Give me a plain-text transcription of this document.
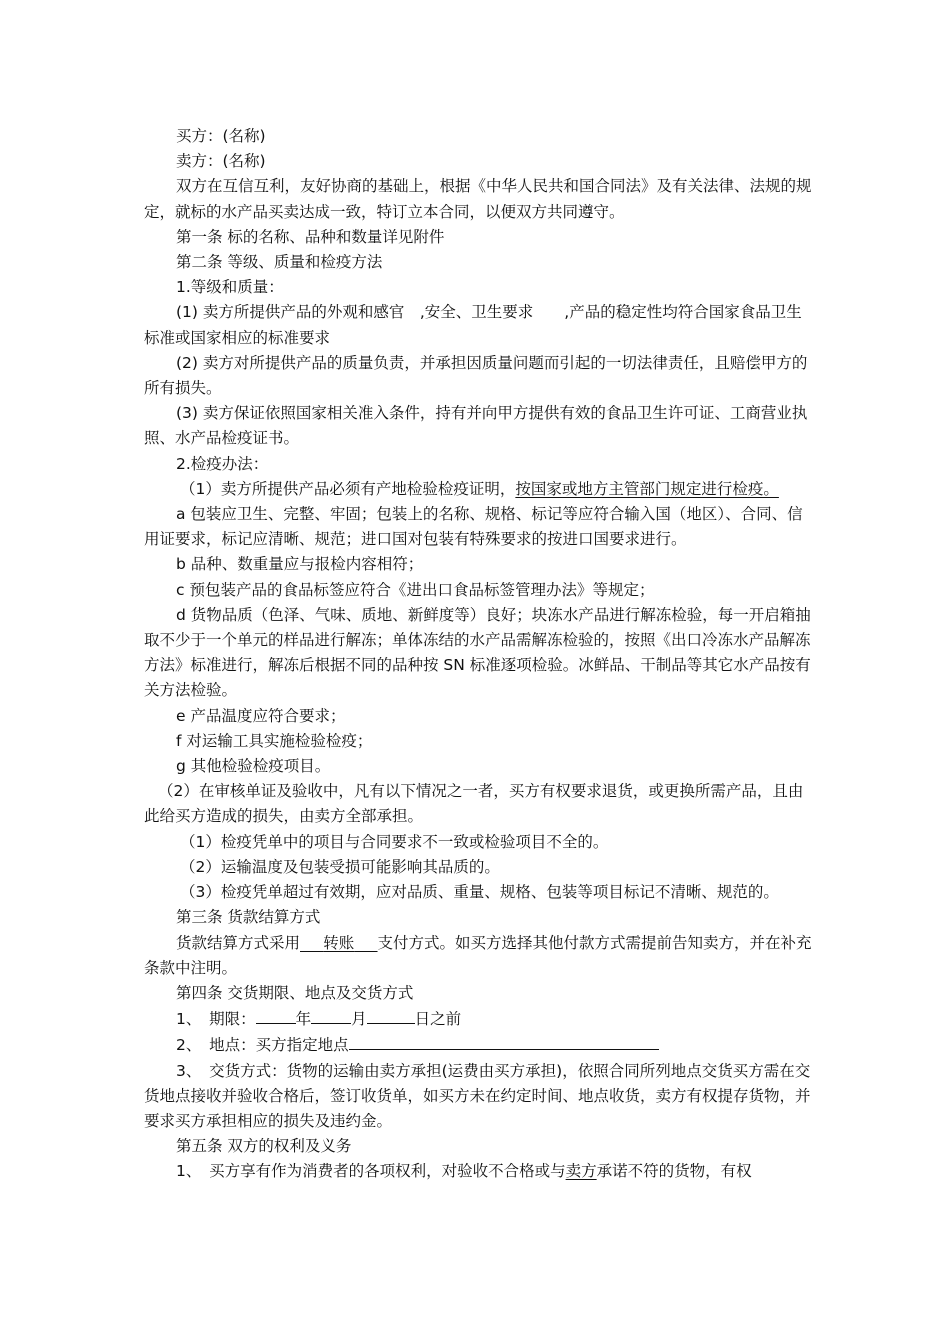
买方：(名称)

卖方：(名称)

双方在互信互利，友好协商的基础上，根据《中华人民共和国合同法》及有关法律、法规的规定，就标的水产品买卖达成一致，特订立本合同，以便双方共同遵守。

第一条 标的名称、品种和数量详见附件

第二条 等级、质量和检疫方法

1.等级和质量：

(1) 卖方所提供产品的外观和感官　,安全、卫生要求　　,产品的稳定性均符合国家食品卫生标准或国家相应的标准要求

(2) 卖方对所提供产品的质量负责，并承担因质量问题而引起的一切法律责任，且赔偿甲方的所有损失。

(3) 卖方保证依照国家相关准入条件，持有并向甲方提供有效的食品卫生许可证、工商营业执照、水产品检疫证书。

2.检疫办法：

（1）卖方所提供产品必须有产地检验检疫证明，按国家或地方主管部门规定进行检疫。

a 包装应卫生、完整、牢固；包装上的名称、规格、标记等应符合输入国（地区）、合同、信用证要求，标记应清晰、规范；进口国对包装有特殊要求的按进口国要求进行。

b 品种、数重量应与报检内容相符；

c 预包装产品的食品标签应符合《进出口食品标签管理办法》等规定；

d 货物品质（色泽、气味、质地、新鲜度等）良好；块冻水产品进行解冻检验，每一开启箱抽取不少于一个单元的样品进行解冻；单体冻结的水产品需解冻检验的，按照《出口冷冻水产品解冻方法》标准进行，解冻后根据不同的品种按 SN 标准逐项检验。冰鲜品、干制品等其它水产品按有关方法检验。

e 产品温度应符合要求；

f 对运输工具实施检验检疫；

g 其他检验检疫项目。

（2）在审核单证及验收中，凡有以下情况之一者，买方有权要求退货，或更换所需产品，且由此给买方造成的损失，由卖方全部承担。

（1）检疫凭单中的项目与合同要求不一致或检验项目不全的。

（2）运输温度及包装受损可能影响其品质的。

（3）检疫凭单超过有效期，应对品质、重量、规格、包装等项目标记不清晰、规范的。

第三条 货款结算方式

货款结算方式采用    转账    支付方式。如买方选择其他付款方式需提前告知卖方，并在补充条款中注明。

第四条 交货期限、地点及交货方式

1、　期限：	年	月	日之前

2、　地点：买方指定地点

3、　交货方式：货物的运输由卖方承担(运费由买方承担)，依照合同所列地点交货买方需在交货地点接收并验收合格后，签订收货单，如买方未在约定时间、地点收货，卖方有权提存货物，并要求买方承担相应的损失及违约金。

第五条 双方的权利及义务

1、　买方享有作为消费者的各项权利，对验收不合格或与卖方承诺不符的货物，有权
